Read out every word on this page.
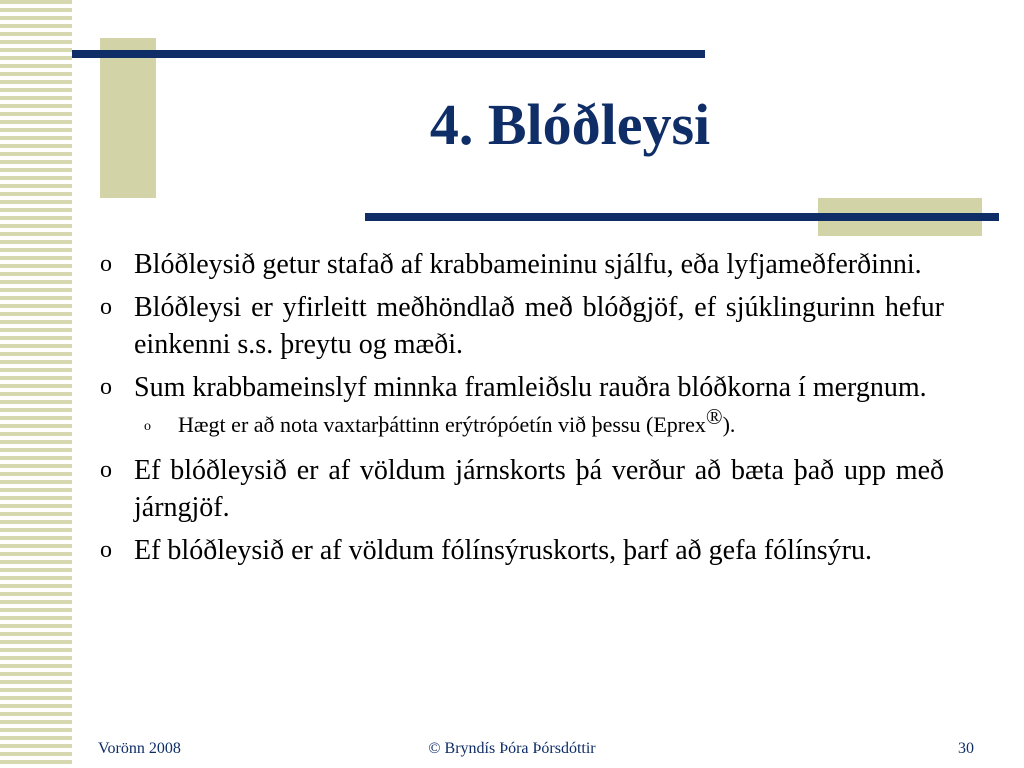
4. Blóðleysi
o Blóðleysið getur stafað af krabbameininu sjálfu, eða lyfjameðferðinni.
o Blóðleysi er yfirleitt meðhöndlað með blóðgjöf, ef sjúklingurinn hefur einkenni s.s. þreytu og mæði.
o Sum krabbameinslyf minnka framleiðslu rauðra blóðkorna í mergnum.
o Hægt er að nota vaxtarþáttinn erýtrópóetín við þessu (Eprex®).
o Ef blóðleysið er af völdum járnskorts þá verður að bæta það upp með járngjöf.
o Ef blóðleysið er af völdum fólínsýruskorts, þarf að gefa fólínsýru.
Vorönn 2008	© Bryndís Þóra Þórsdóttir	30
